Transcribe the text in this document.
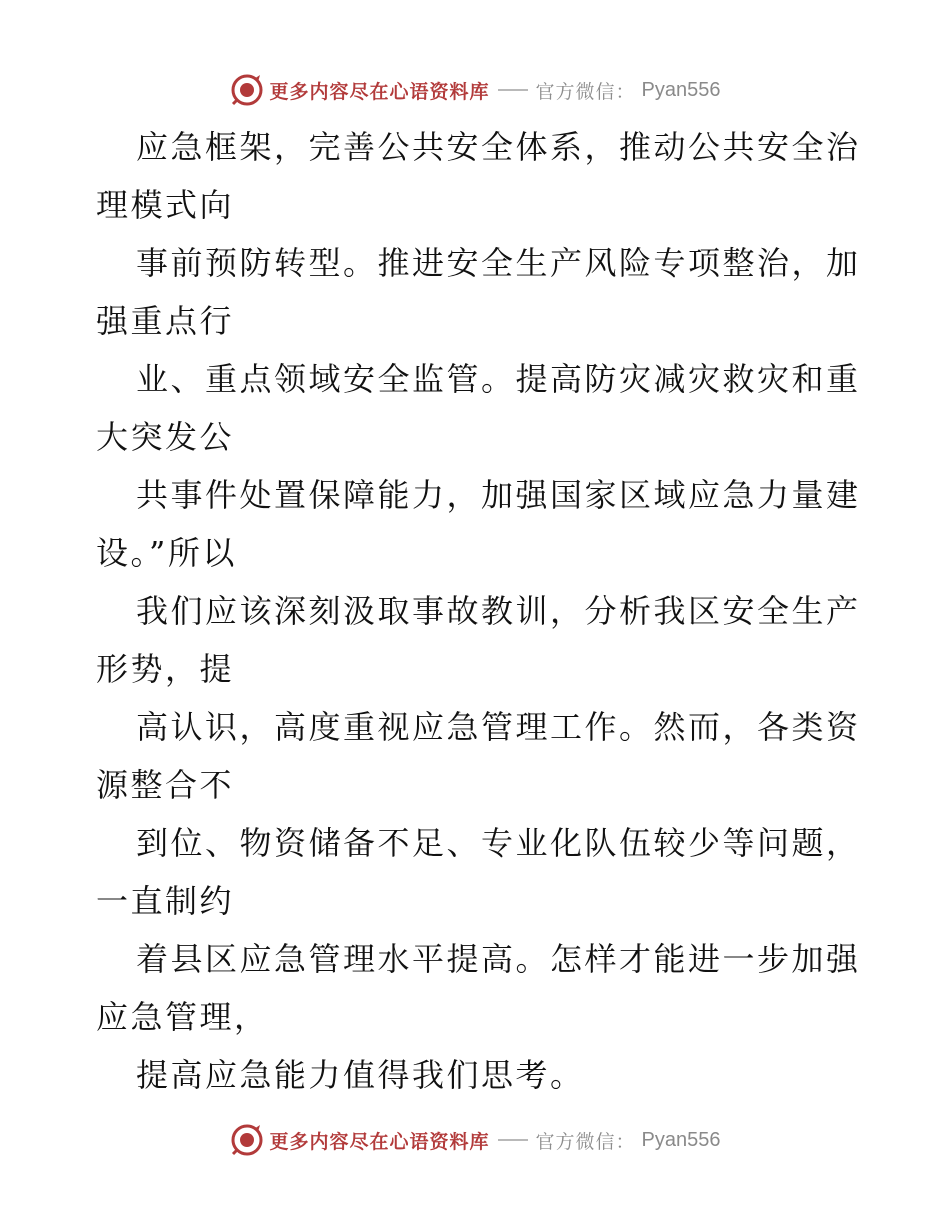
更多内容尽在心语资料库 官方微信： Pyan556

应急框架，完善公共安全体系，推动公共安全治
理模式向
事前预防转型。推进安全生产风险专项整治，加
强重点行
业、重点领域安全监管。提高防灾减灾救灾和重
大突发公
共事件处置保障能力，加强国家区域应急力量建
设。”所以
我们应该深刻汲取事故教训，分析我区安全生产
形势，提
高认识，高度重视应急管理工作。然而，各类资
源整合不
到位、物资储备不足、专业化队伍较少等问题，
一直制约
着县区应急管理水平提高。怎样才能进一步加强
应急管理，
提高应急能力值得我们思考。

更多内容尽在心语资料库 官方微信： Pyan556
